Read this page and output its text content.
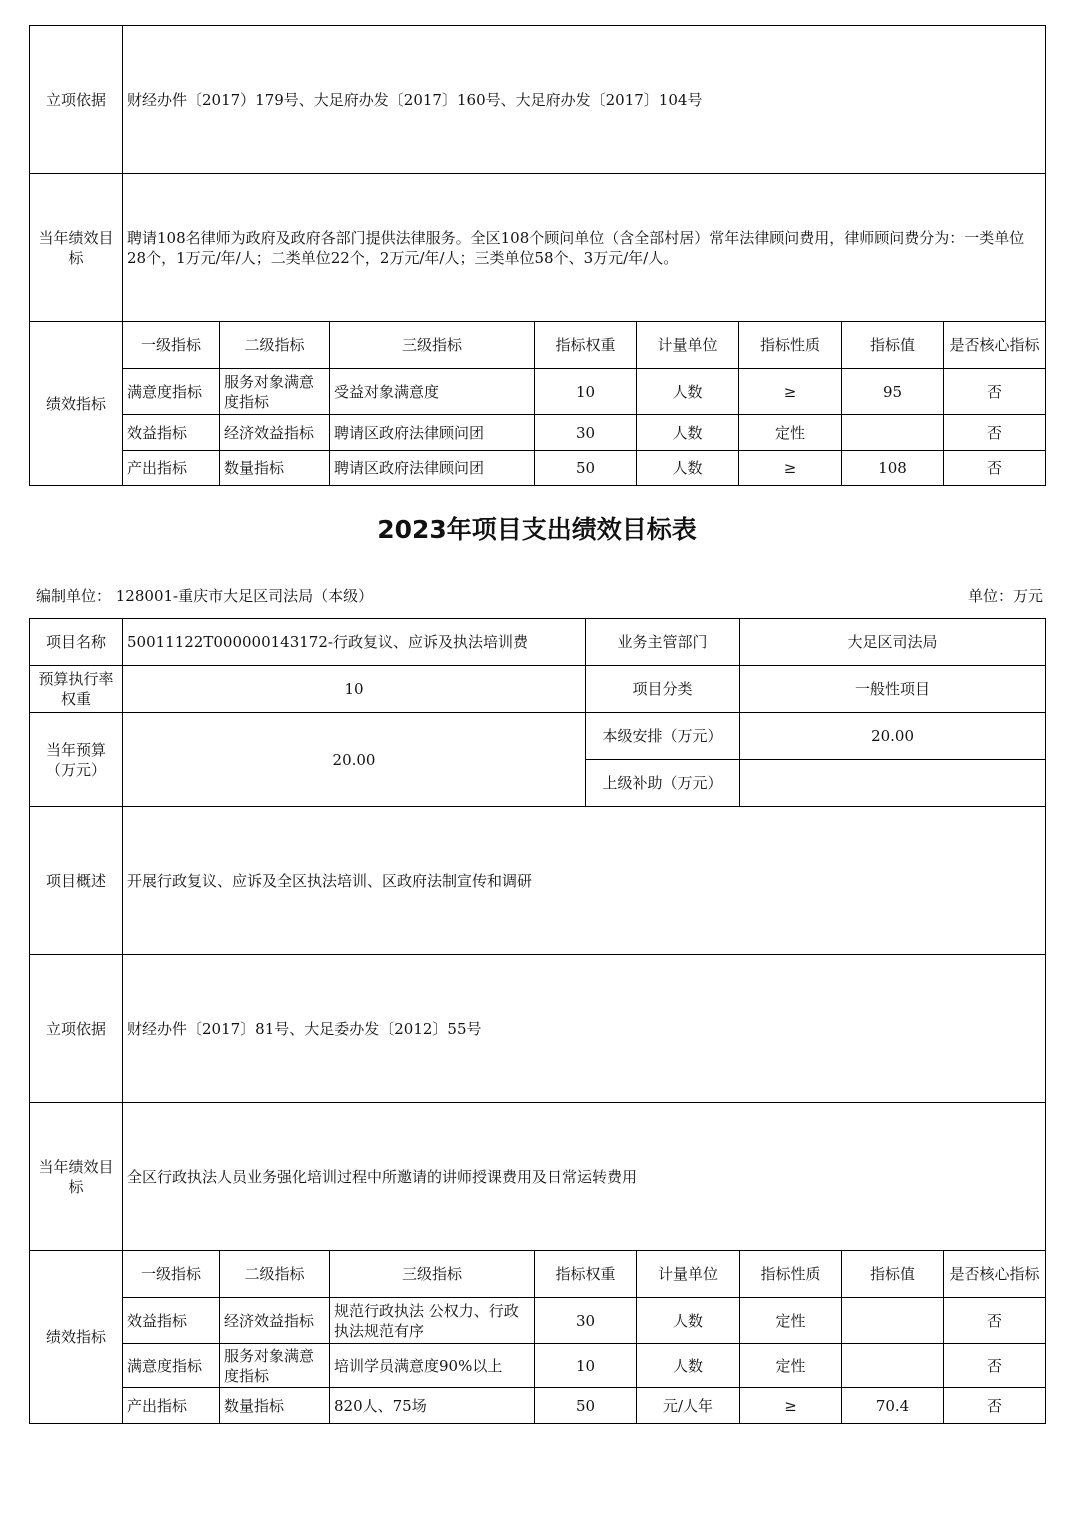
立项依据	财经办件〔2017）179号、大足府办发〔2017〕160号、大足府办发〔2017〕104号							
当年绩效目标	聘请108名律师为政府及政府各部门提供法律服务。全区108个顾问单位（含全部村居）常年法律顾问费用，律师顾问费分为：一类单位28个，1万元/年/人；二类单位22个，2万元/年/人；三类单位58个、3万元/年/人。							
绩效指标	一级指标	二级指标	三级指标	指标权重	计量单位	指标性质	指标值	是否核心指标
	满意度指标	服务对象满意度指标	受益对象满意度	10	人数	≥	95	否
	效益指标	经济效益指标	聘请区政府法律顾问团	30	人数	定性		否
	产出指标	数量指标	聘请区政府法律顾问团	50	人数	≥	108	否
2023年项目支出绩效目标表
编制单位： 128001-重庆市大足区司法局（本级）	单位：万元
项目名称	50011122T000000143172-行政复议、应诉及执法培训费				业务主管部门		大足区司法局		
预算执行率权重	10				项目分类		一般性项目		
当年预算（万元）	20.00				本级安排（万元）		20.00		
					上级补助（万元）				
项目概述	开展行政复议、应诉及全区执法培训、区政府法制宣传和调研								
立项依据	财经办件〔2017〕81号、大足委办发〔2012〕55号								
当年绩效目标	全区行政执法人员业务强化培训过程中所邀请的讲师授课费用及日常运转费用								
绩效指标	一级指标	二级指标	三级指标	指标权重		计量单位	指标性质	指标值	是否核心指标
	效益指标	经济效益指标	规范行政执法 公权力、行政执法规范有序	30		人数	定性		否
	满意度指标	服务对象满意度指标	培训学员满意度90%以上	10		人数	定性		否
	产出指标	数量指标	820人、75场	50		元/人年	≥	70.4	否
